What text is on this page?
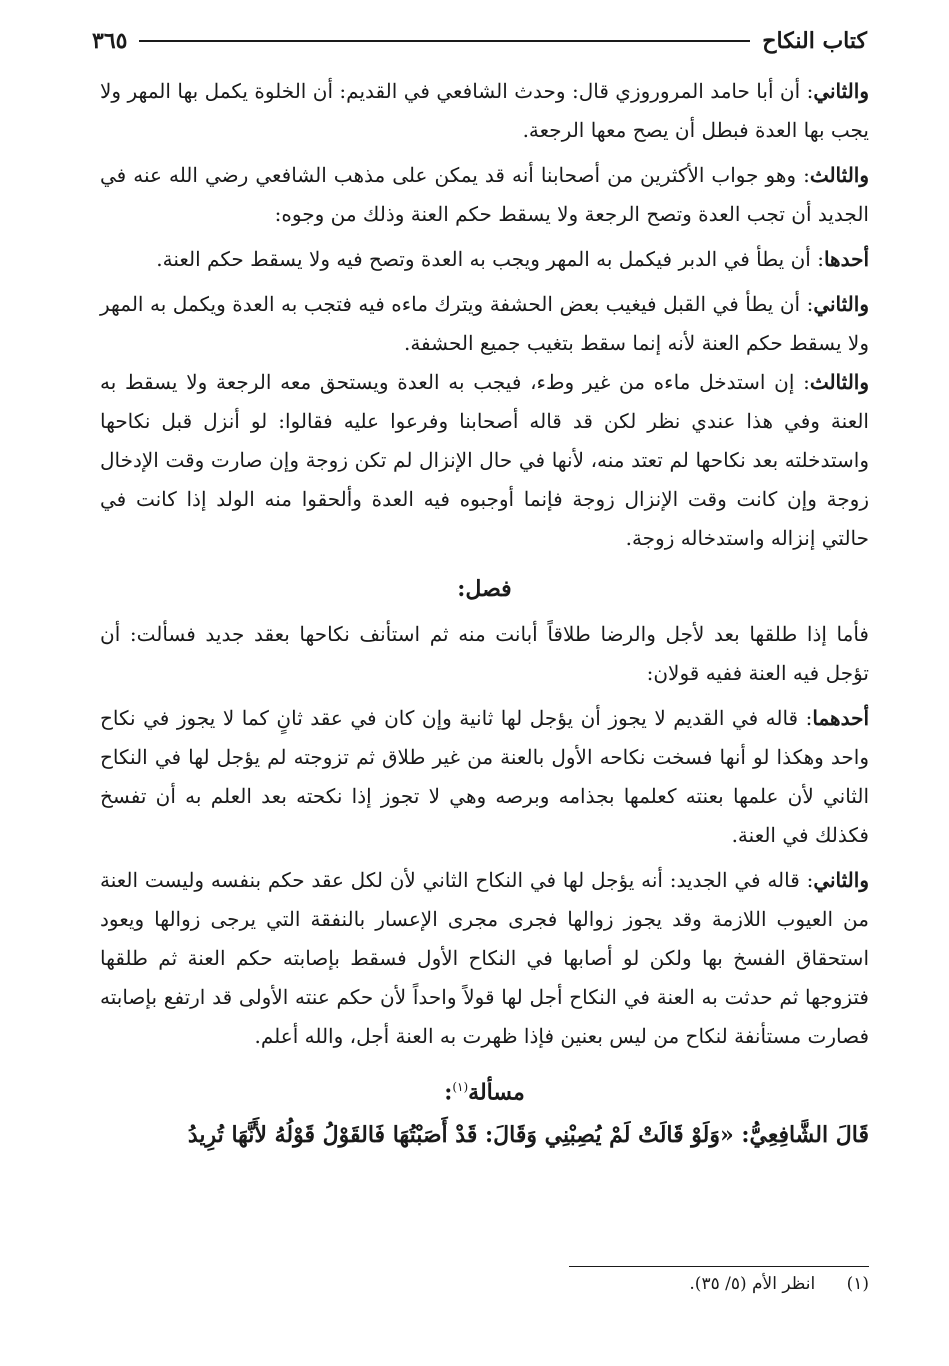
كتاب النكاح
٣٦٥

والثاني: أن أبا حامد المروروزي قال: وحدث الشافعي في القديم: أن الخلوة يكمل بها المهر ولا يجب بها العدة فبطل أن يصح معها الرجعة.

والثالث: وهو جواب الأكثرين من أصحابنا أنه قد يمكن على مذهب الشافعي رضي الله عنه في الجديد أن تجب العدة وتصح الرجعة ولا يسقط حكم العنة وذلك من وجوه:

أحدها: أن يطأ في الدبر فيكمل به المهر ويجب به العدة وتصح فيه ولا يسقط حكم العنة.

والثاني: أن يطأ في القبل فيغيب بعض الحشفة ويترك ماءه فيه فتجب به العدة ويكمل به المهر ولا يسقط حكم العنة لأنه إنما سقط بتغيب جميع الحشفة.

والثالث: إن استدخل ماءه من غير وطء، فيجب به العدة ويستحق معه الرجعة ولا يسقط به العنة وفي هذا عندي نظر لكن قد قاله أصحابنا وفرعوا عليه فقالوا: لو أنزل قبل نكاحها واستدخلته بعد نكاحها لم تعتد منه، لأنها في حال الإنزال لم تكن زوجة وإن صارت وقت الإدخال زوجة وإن كانت وقت الإنزال زوجة فإنما أوجبوه فيه العدة وألحقوا منه الولد إذا كانت في حالتي إنزاله واستدخاله زوجة.

فصل:

فأما إذا طلقها بعد لأجل والرضا طلاقاً أبانت منه ثم استأنف نكاحها بعقد جديد فسألت: أن تؤجل فيه العنة ففيه قولان:

أحدهما: قاله في القديم لا يجوز أن يؤجل لها ثانية وإن كان في عقد ثانٍ كما لا يجوز في نكاح واحد وهكذا لو أنها فسخت نكاحه الأول بالعنة من غير طلاق ثم تزوجته لم يؤجل لها في النكاح الثاني لأن علمها بعنته كعلمها بجذامه وبرصه وهي لا تجوز إذا نكحته بعد العلم به أن تفسخ فكذلك في العنة.

والثاني: قاله في الجديد: أنه يؤجل لها في النكاح الثاني لأن لكل عقد حكم بنفسه وليست العنة من العيوب اللازمة وقد يجوز زوالها فجرى مجرى الإعسار بالنفقة التي يرجى زوالها ويعود استحقاق الفسخ بها ولكن لو أصابها في النكاح الأول فسقط بإصابته حكم العنة ثم طلقها فتزوجها ثم حدثت به العنة في النكاح أجل لها قولاً واحداً لأن حكم عنته الأولى قد ارتفع بإصابته فصارت مستأنفة لنكاح من ليس بعنين فإذا ظهرت به العنة أجل، والله أعلم.

مسألة$^{(١)}$:
قَالَ الشَّافِعِيُّ: «وَلَوْ قَالَتْ لَمْ يُصِبْنِي وَقَالَ: قَدْ أَصَبْتُهَا فَالقَوْلُ قَوْلُهُ لأَنَّهَا تُرِيدُ
(١) انظر الأم (٥/ ٣٥).
